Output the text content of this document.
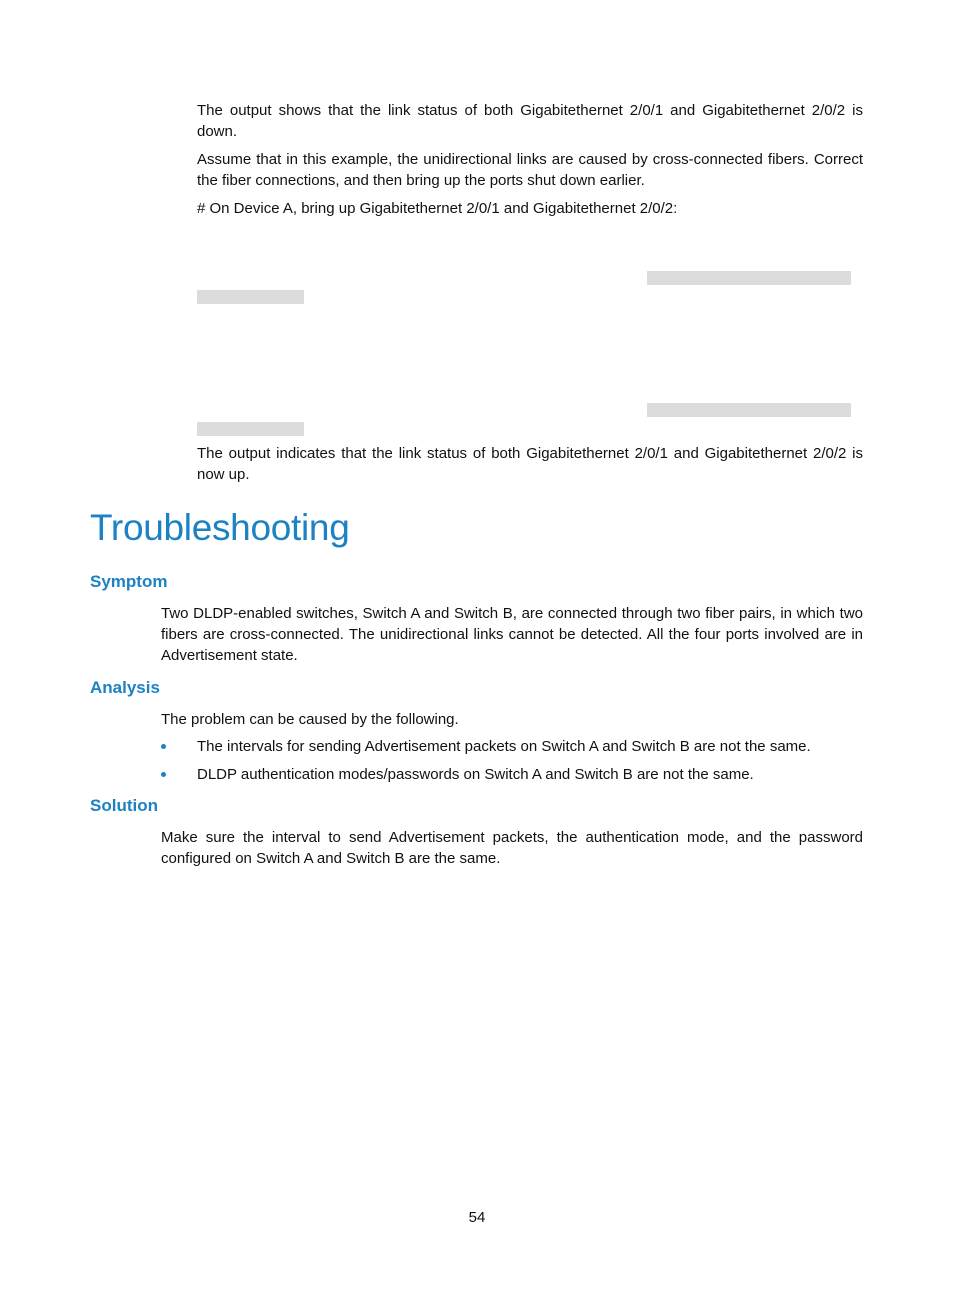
The output shows that the link status of both Gigabitethernet 2/0/1 and Gigabitethernet 2/0/2 is down.
Assume that in this example, the unidirectional links are caused by cross-connected fibers. Correct the fiber connections, and then bring up the ports shut down earlier.
# On Device A, bring up Gigabitethernet 2/0/1 and Gigabitethernet 2/0/2:
The output indicates that the link status of both Gigabitethernet 2/0/1 and Gigabitethernet 2/0/2 is now up.
Troubleshooting
Symptom
Two DLDP-enabled switches, Switch A and Switch B, are connected through two fiber pairs, in which two fibers are cross-connected. The unidirectional links cannot be detected. All the four ports involved are in Advertisement state.
Analysis
The problem can be caused by the following.
The intervals for sending Advertisement packets on Switch A and Switch B are not the same.
DLDP authentication modes/passwords on Switch A and Switch B are not the same.
Solution
Make sure the interval to send Advertisement packets, the authentication mode, and the password configured on Switch A and Switch B are the same.
54
